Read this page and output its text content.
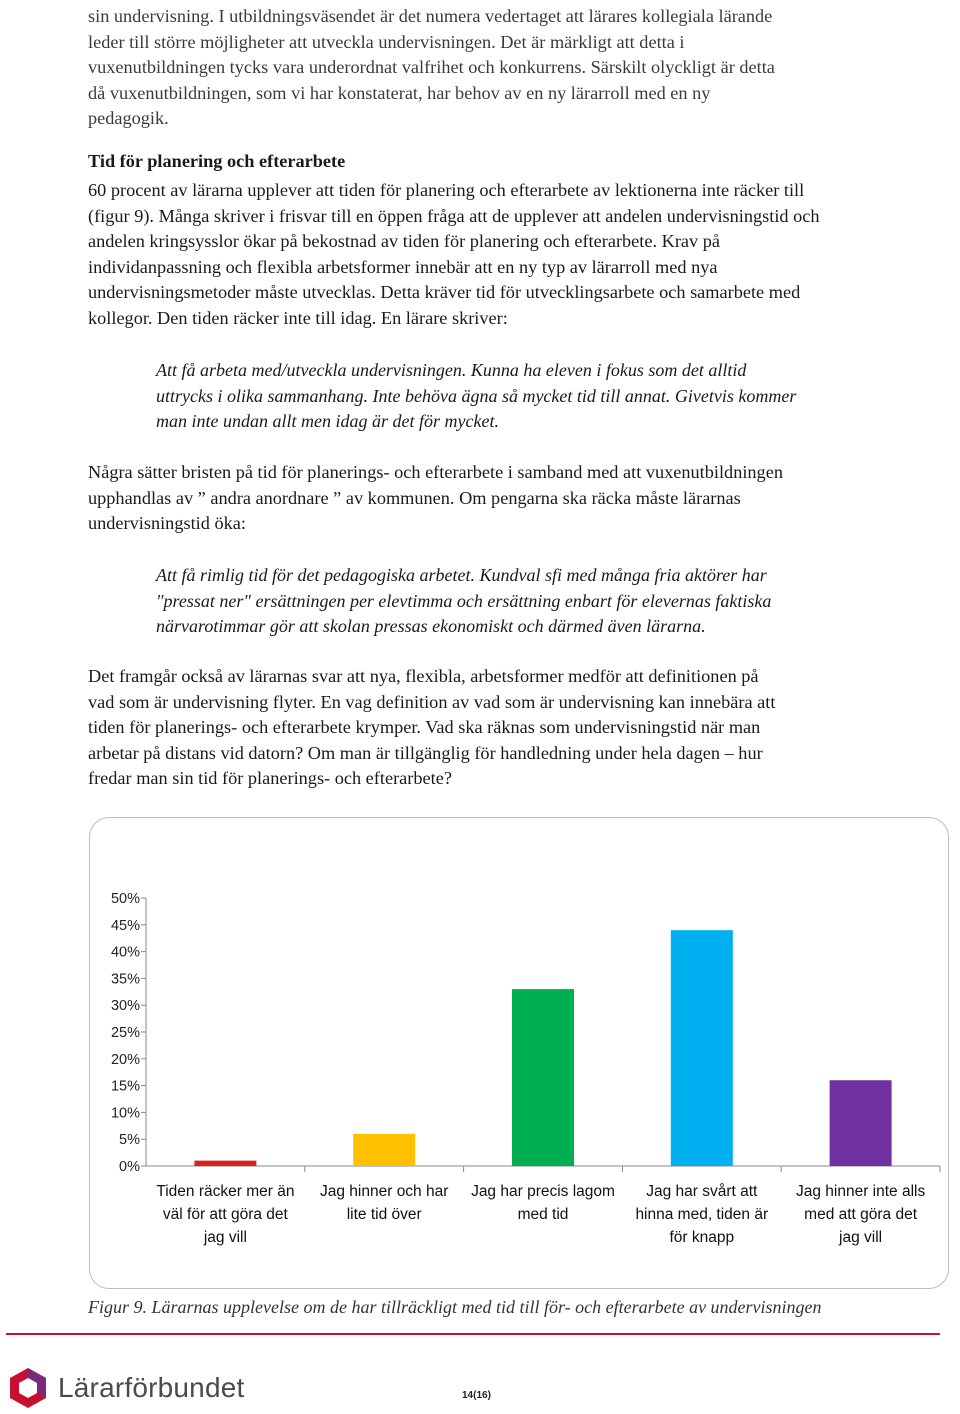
sin undervisning. I utbildningsväsendet är det numera vedertaget att lärares kollegiala lärande
leder till större möjligheter att utveckla undervisningen. Det är märkligt att detta i
vuxenutbildningen tycks vara underordnat valfrihet och konkurrens. Särskilt olyckligt är detta
då vuxenutbildningen, som vi har konstaterat, har behov av en ny lärarroll med en ny
pedagogik.

Tid för planering och efterarbete

60 procent av lärarna upplever att tiden för planering och efterarbete av lektionerna inte räcker till
(figur 9). Många skriver i frisvar till en öppen fråga att de upplever att andelen undervisningstid och
andelen kringsysslor ökar på bekostnad av tiden för planering och efterarbete. Krav på
individanpassning och flexibla arbetsformer innebär att en ny typ av lärarroll med nya
undervisningsmetoder måste utvecklas. Detta kräver tid för utvecklingsarbete och samarbete med
kollegor. Den tiden räcker inte till idag. En lärare skriver:

Att få arbeta med/utveckla undervisningen. Kunna ha eleven i fokus som det alltid
uttrycks i olika sammanhang. Inte behöva ägna så mycket tid till annat. Givetvis kommer
man inte undan allt men idag är det för mycket.

Några sätter bristen på tid för planerings- och efterarbete i samband med att vuxenutbildningen
upphandlas av ” andra anordnare ” av kommunen. Om pengarna ska räcka måste lärarnas
undervisningstid öka:

Att få rimlig tid för det pedagogiska arbetet. Kundval sfi med många fria aktörer har
"pressat ner" ersättningen per elevtimma och ersättning enbart för elevernas faktiska
närvarotimmar gör att skolan pressas ekonomiskt och därmed även lärarna.

Det framgår också av lärarnas svar att nya, flexibla, arbetsformer medför att definitionen på
vad som är undervisning flyter. En vag definition av vad som är undervisning kan innebära att
tiden för planerings- och efterarbete krymper. Vad ska räknas som undervisningstid när man
arbetar på distans vid datorn? Om man är tillgänglig för handledning under hela dagen – hur
fredar man sin tid för planerings- och efterarbete?

0%
5%
10%
15%
20%
25%
30%
35%
40%
45%
50%
Tiden räcker mer än
väl för att göra det
jag vill
Jag hinner och har
lite tid över
Jag har precis lagom
med tid
Jag har svårt att
hinna med, tiden är
för knapp
Jag hinner inte alls
med att göra det
jag vill

Figur 9. Lärarnas upplevelse om de har tillräckligt med tid till för- och efterarbete av undervisningen

Lärarförbundet	14(16)
